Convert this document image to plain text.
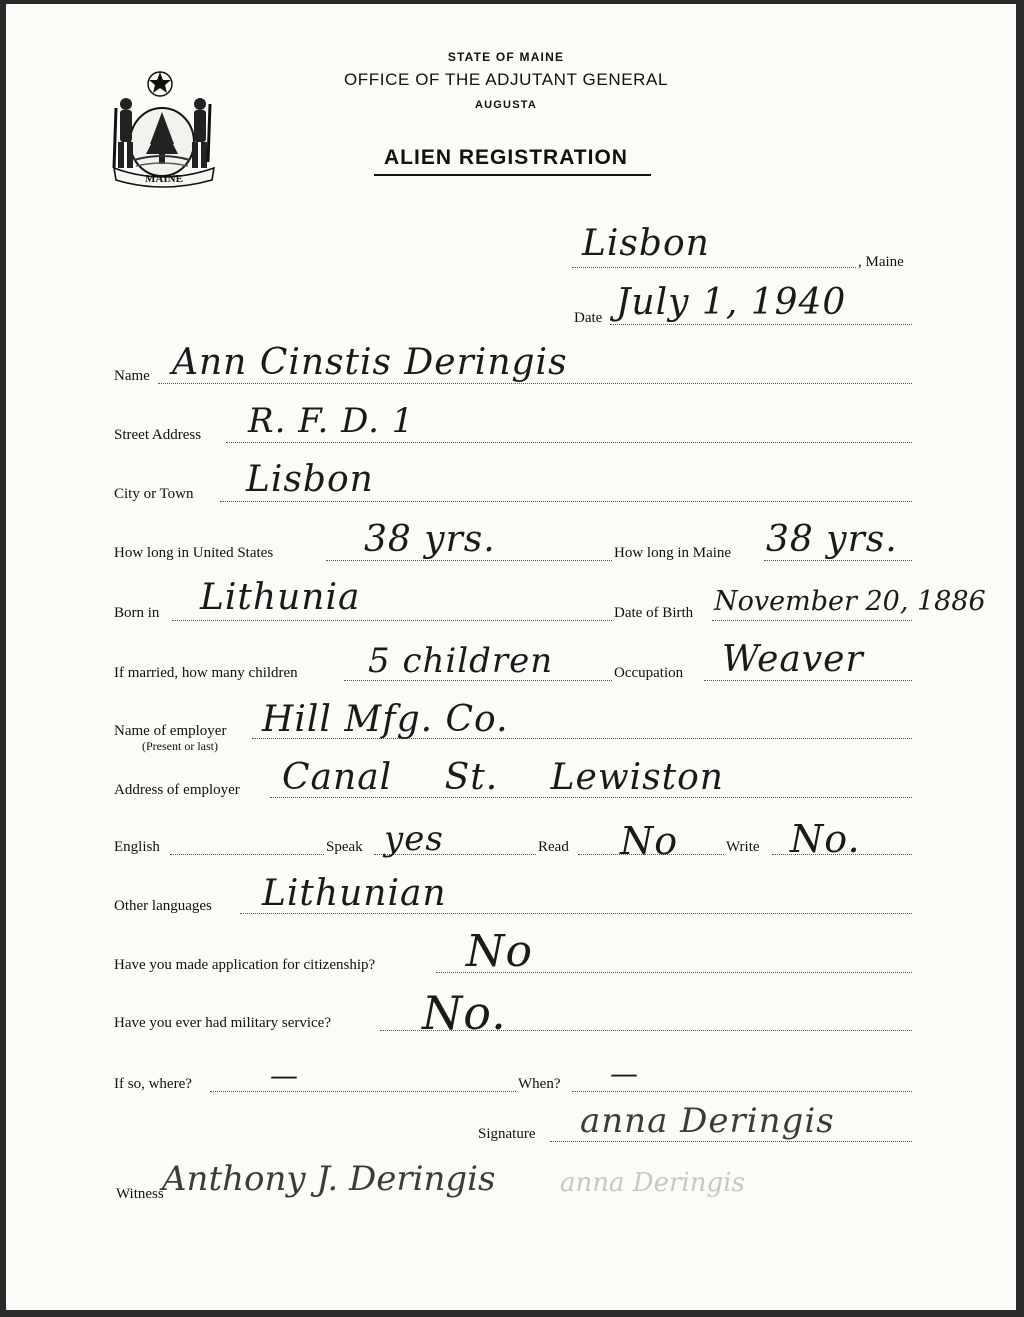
MAINE
STATE OF MAINE
OFFICE OF THE ADJUTANT GENERAL
AUGUSTA
ALIEN REGISTRATION
Lisbon	, Maine
Date July 1, 1940
Name Ann Cinstis Deringis
Street Address R. F. D. 1
City or Town Lisbon
How long in United States	38 yrs.	How long in Maine 38 yrs.
Born in Lithunia	Date of Birth November 20, 1886
If married, how many children 5 children	Occupation Weaver
Name of employer
(Present or last)
Hill Mfg. Co.
Address of employer Canal St. Lewiston
English	Speak yes	Read No	Write No.
Other languages Lithunian
Have you made application for citizenship? No
Have you ever had military service? No.
If so, where?	—	When? —
Signature anna Deringis
Witness
Anthony J. Deringis anna Deringis
